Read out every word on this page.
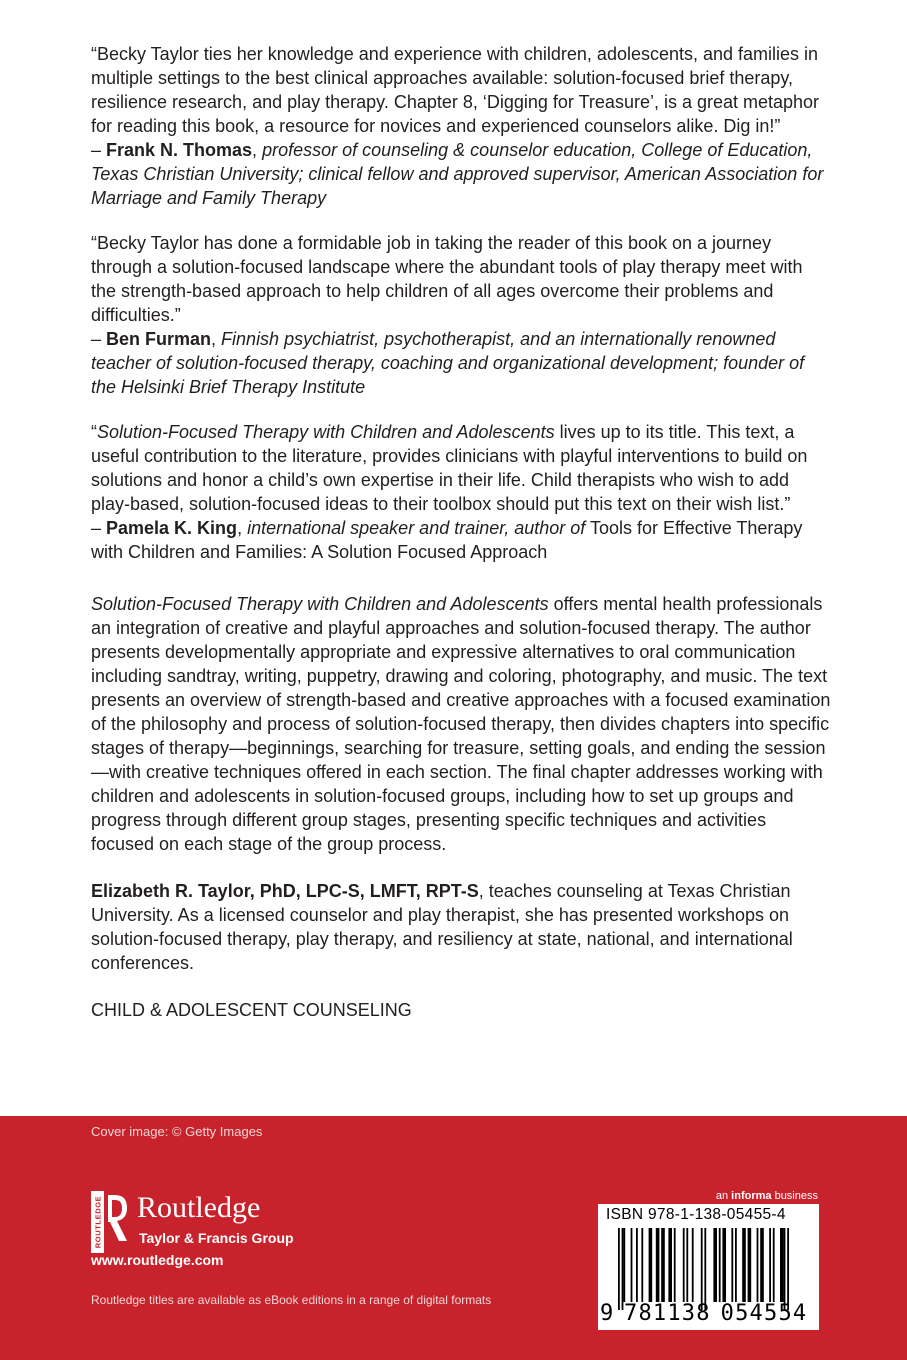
“Becky Taylor ties her knowledge and experience with children, adolescents, and families in multiple settings to the best clinical approaches available: solution-focused brief therapy, resilience research, and play therapy. Chapter 8, ‘Digging for Treasure’, is a great metaphor for reading this book, a resource for novices and experienced counselors alike. Dig in!”

– Frank N. Thomas, professor of counseling & counselor education, College of Education, Texas Christian University; clinical fellow and approved supervisor, American Association for Marriage and Family Therapy

“Becky Taylor has done a formidable job in taking the reader of this book on a journey through a solution-focused landscape where the abundant tools of play therapy meet with the strength-based approach to help children of all ages overcome their problems and difficulties.”

– Ben Furman, Finnish psychiatrist, psychotherapist, and an internationally renowned teacher of solution-focused therapy, coaching and organizational development; founder of the Helsinki Brief Therapy Institute

“Solution-Focused Therapy with Children and Adolescents lives up to its title. This text, a useful contribution to the literature, provides clinicians with playful interventions to build on solutions and honor a child’s own expertise in their life. Child therapists who wish to add play-based, solution-focused ideas to their toolbox should put this text on their wish list.”

– Pamela K. King, international speaker and trainer, author of Tools for Effective Therapy with Children and Families: A Solution Focused Approach

Solution-Focused Therapy with Children and Adolescents offers mental health professionals an integration of creative and playful approaches and solution-focused therapy. The author presents developmentally appropriate and expressive alternatives to oral communication including sandtray, writing, puppetry, drawing and coloring, photography, and music. The text presents an overview of strength-based and creative approaches with a focused examination of the philosophy and process of solution-focused therapy, then divides chapters into specific stages of therapy—beginnings, searching for treasure, setting goals, and ending the session—with creative techniques offered in each section. The final chapter addresses working with children and adolescents in solution-focused groups, including how to set up groups and progress through different group stages, presenting specific techniques and activities focused on each stage of the group process.

Elizabeth R. Taylor, PhD, LPC-S, LMFT, RPT-S, teaches counseling at Texas Christian University. As a licensed counselor and play therapist, she has presented workshops on solution-focused therapy, play therapy, and resiliency at state, national, and international conferences.

CHILD & ADOLESCENT COUNSELING

Cover image: © Getty Images
ROUTLEDGE Routledge
Taylor & Francis Group
www.routledge.com
Routledge titles are available as eBook editions in a range of digital formats
an informa business
ISBN 978-1-138-05455-4
9 781138 054554
